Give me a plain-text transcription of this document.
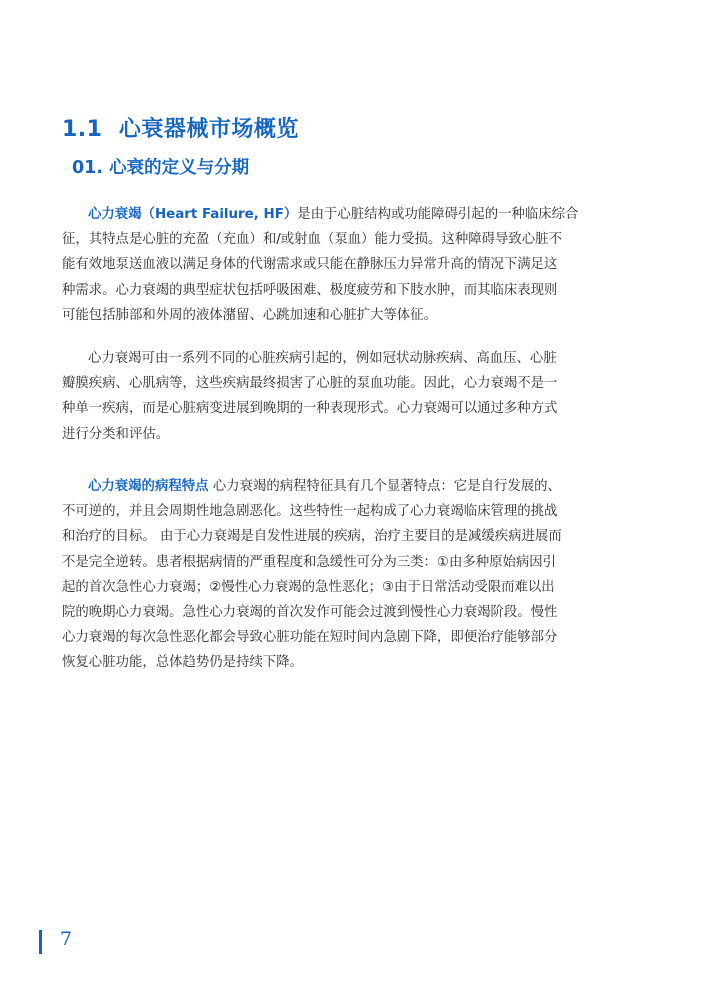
1.1 心衰器械市场概览
01. 心衰的定义与分期
心力衰竭（Heart Failure, HF）是由于心脏结构或功能障碍引起的一种临床综合
征，其特点是心脏的充盈（充血）和/或射血（泵血）能力受损。这种障碍导致心脏不
能有效地泵送血液以满足身体的代谢需求或只能在静脉压力异常升高的情况下满足这
种需求。心力衰竭的典型症状包括呼吸困难、极度疲劳和下肢水肿，而其临床表现则
可能包括肺部和外周的液体潴留、心跳加速和心脏扩大等体征。
心力衰竭可由一系列不同的心脏疾病引起的，例如冠状动脉疾病、高血压、心脏
瓣膜疾病、心肌病等，这些疾病最终损害了心脏的泵血功能。因此，心力衰竭不是一
种单一疾病，而是心脏病变进展到晚期的一种表现形式。心力衰竭可以通过多种方式
进行分类和评估。
心力衰竭的病程特点 心力衰竭的病程特征具有几个显著特点：它是自行发展的、
不可逆的，并且会周期性地急剧恶化。这些特性一起构成了心力衰竭临床管理的挑战
和治疗的目标。 由于心力衰竭是自发性进展的疾病，治疗主要目的是减缓疾病进展而
不是完全逆转。患者根据病情的严重程度和急缓性可分为三类：①由多种原始病因引
起的首次急性心力衰竭；②慢性心力衰竭的急性恶化；③由于日常活动受限而难以出
院的晚期心力衰竭。急性心力衰竭的首次发作可能会过渡到慢性心力衰竭阶段。慢性
心力衰竭的每次急性恶化都会导致心脏功能在短时间内急剧下降，即便治疗能够部分
恢复心脏功能，总体趋势仍是持续下降。
7
